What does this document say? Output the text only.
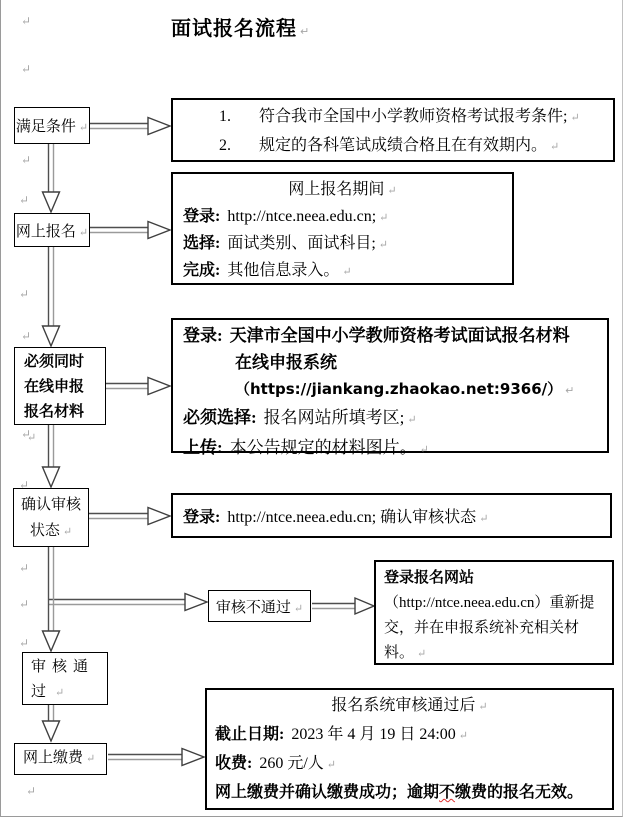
面试报名流程 ↵
↵
↵
↵
↵
↵
↵
↵
↵
↵
↵
↵
↵
↵
满足条件 ↵
网上报名 ↵
必须同时在线申报报名材料 ↵
确认审核状态 ↵
审核通过 ↵
网上缴费 ↵
审核不通过 ↵
1. 符合我市全国中小学教师资格考试报考条件; ↵
2. 规定的各科笔试成绩合格且在有效期内。 ↵
网上报名期间 ↵
登录: http://ntce.neea.edu.cn; ↵
选择: 面试类别、面试科目; ↵
完成: 其他信息录入。 ↵
登录: 天津市全国中小学教师资格考试面试报名材料在线申报系统
（https://jiankang.zhaokao.net:9366/） ↵
必须选择: 报名网站所填考区; ↵
上传: 本公告规定的材料图片。 ↵
登录: http://ntce.neea.edu.cn; 确认审核状态 ↵
登录报名网站 （http://ntce.neea.edu.cn）重新提交，并在申报系统补充相关材料。 ↵
报名系统审核通过后 ↵
截止日期: 2023 年 4 月 19 日 24:00 ↵
收费: 260 元/人 ↵
网上缴费并确认缴费成功；逾期不缴费的报名无效。
